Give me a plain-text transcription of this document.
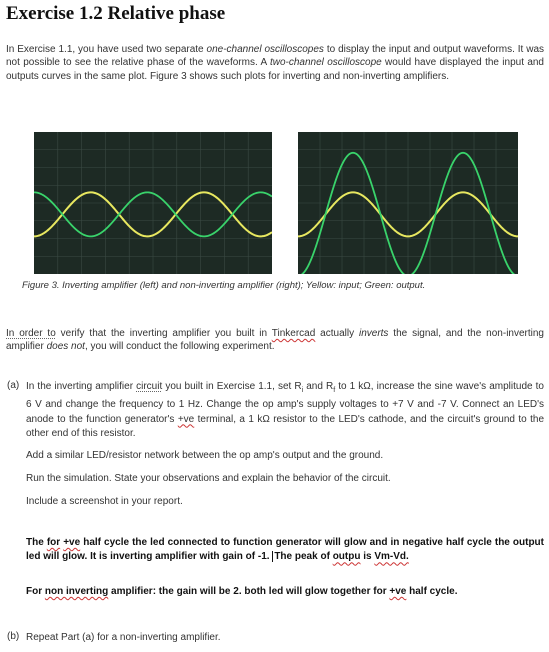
Exercise 1.2 Relative phase
In Exercise 1.1, you have used two separate one-channel oscilloscopes to display the input and output waveforms. It was not possible to see the relative phase of the waveforms. A two-channel oscilloscope would have displayed the input and outputs curves in the same plot. Figure 3 shows such plots for inverting and non-inverting amplifiers.
Figure 3. Inverting amplifier (left) and non-inverting amplifier (right); Yellow: input; Green: output.
In order to verify that the inverting amplifier you built in Tinkercad actually inverts the signal, and the non-inverting amplifier does not, you will conduct the following experiment.
(a) In the inverting amplifier circuit you built in Exercise 1.1, set $R_i$ and $R_f$ to 1 kΩ, increase the sine wave's amplitude to 6 V and change the frequency to 1 Hz. Change the op amp's supply voltages to +7 V and -7 V. Connect an LED's anode to the function generator's +ve terminal, a 1 kΩ resistor to the LED's cathode, and the circuit's ground to the other end of this resistor.
Add a similar LED/resistor network between the op amp's output and the ground.
Run the simulation. State your observations and explain the behavior of the circuit.
Include a screenshot in your report.
The for +ve half cycle the led connected to function generator will glow and in negative half cycle the output led will glow. It is inverting amplifier with gain of -1. The peak of outpu is Vm-Vd.
For non inverting amplifier: the gain will be 2. both led will glow together for +ve half cycle.
(b) Repeat Part (a) for a non-inverting amplifier.
